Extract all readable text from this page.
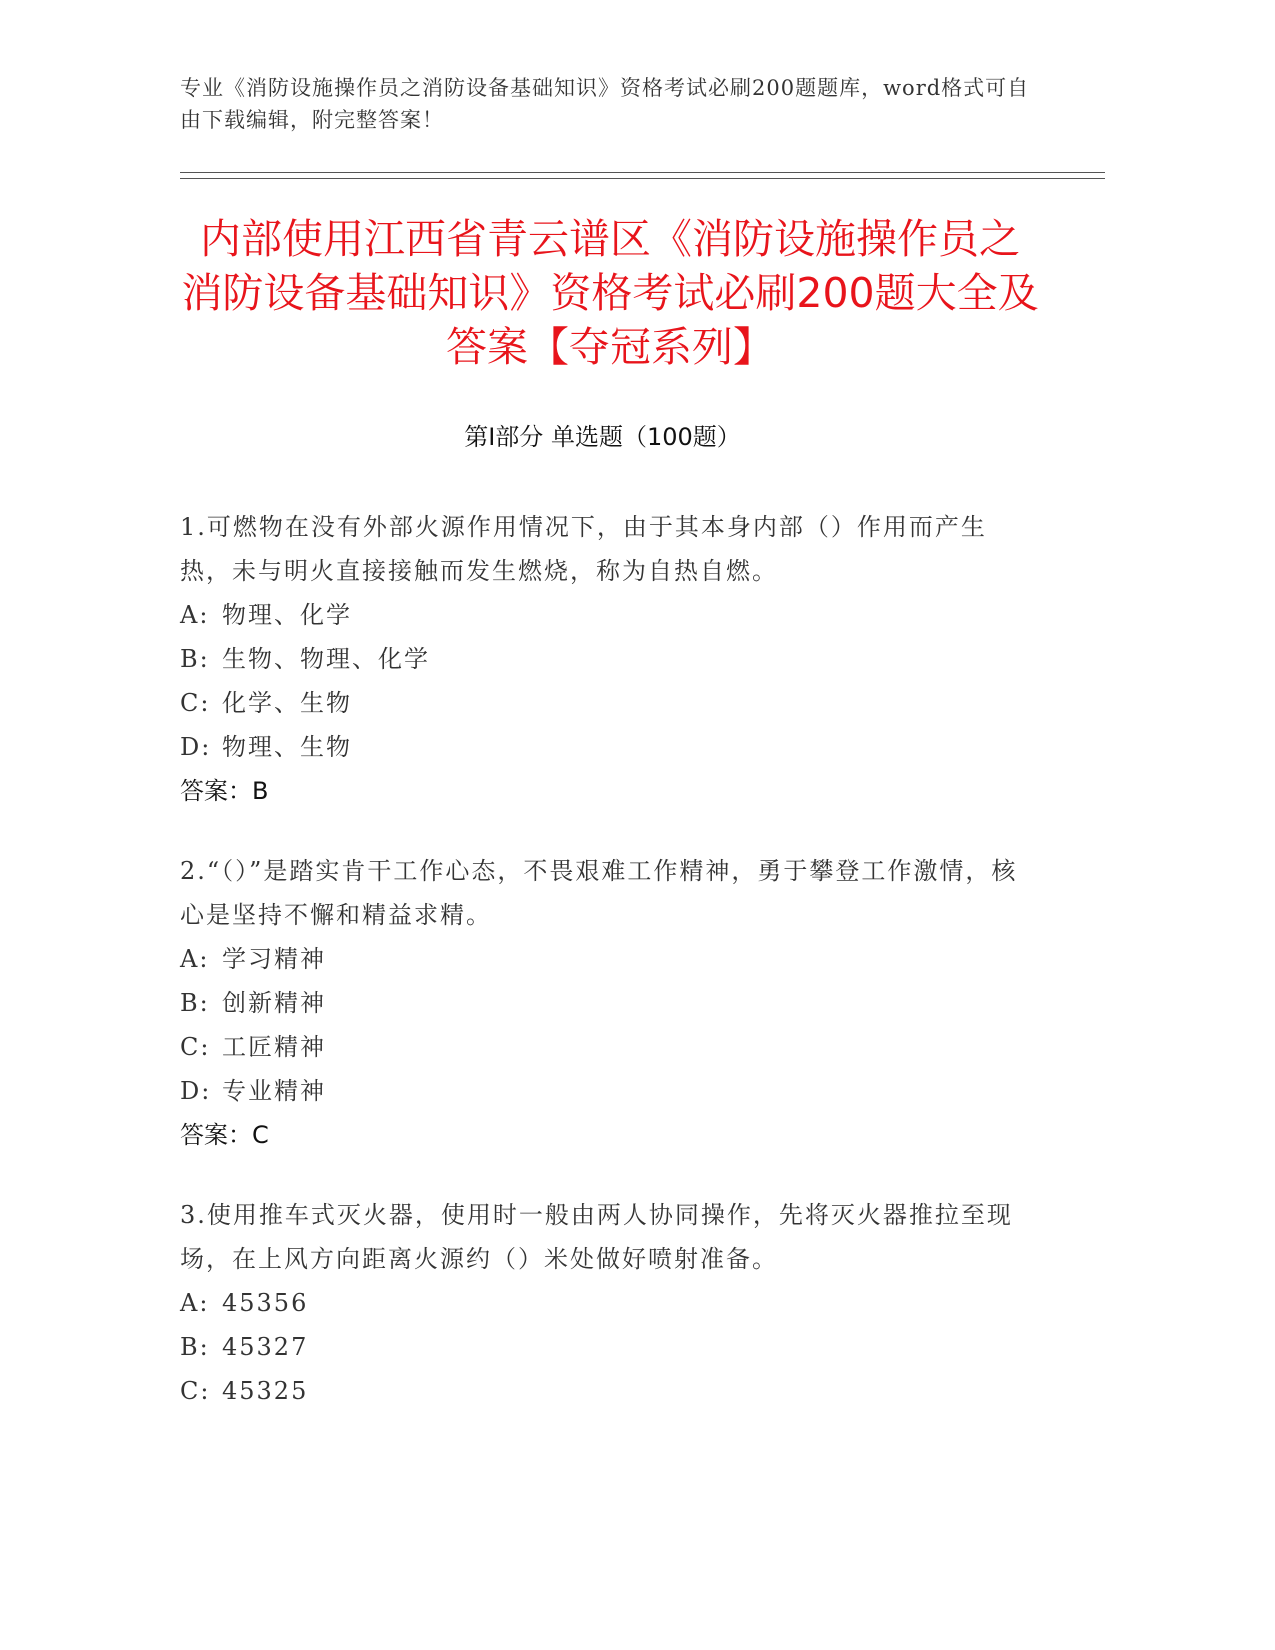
专业《消防设施操作员之消防设备基础知识》资格考试必刷200题题库，word格式可自由下载编辑，附完整答案！
内部使用江西省青云谱区《消防设施操作员之消防设备基础知识》资格考试必刷200题大全及答案【夺冠系列】
第Ⅰ部分 单选题（100题）
1.可燃物在没有外部火源作用情况下，由于其本身内部（）作用而产生热，未与明火直接接触而发生燃烧，称为自热自燃。
A: 物理、化学
B: 生物、物理、化学
C: 化学、生物
D: 物理、生物
答案：B
2.“（）”是踏实肯干工作心态，不畏艰难工作精神，勇于攀登工作激情，核心是坚持不懈和精益求精。
A: 学习精神
B: 创新精神
C: 工匠精神
D: 专业精神
答案：C
3.使用推车式灭火器，使用时一般由两人协同操作，先将灭火器推拉至现场，在上风方向距离火源约（）米处做好喷射准备。
A: 45356
B: 45327
C: 45325
